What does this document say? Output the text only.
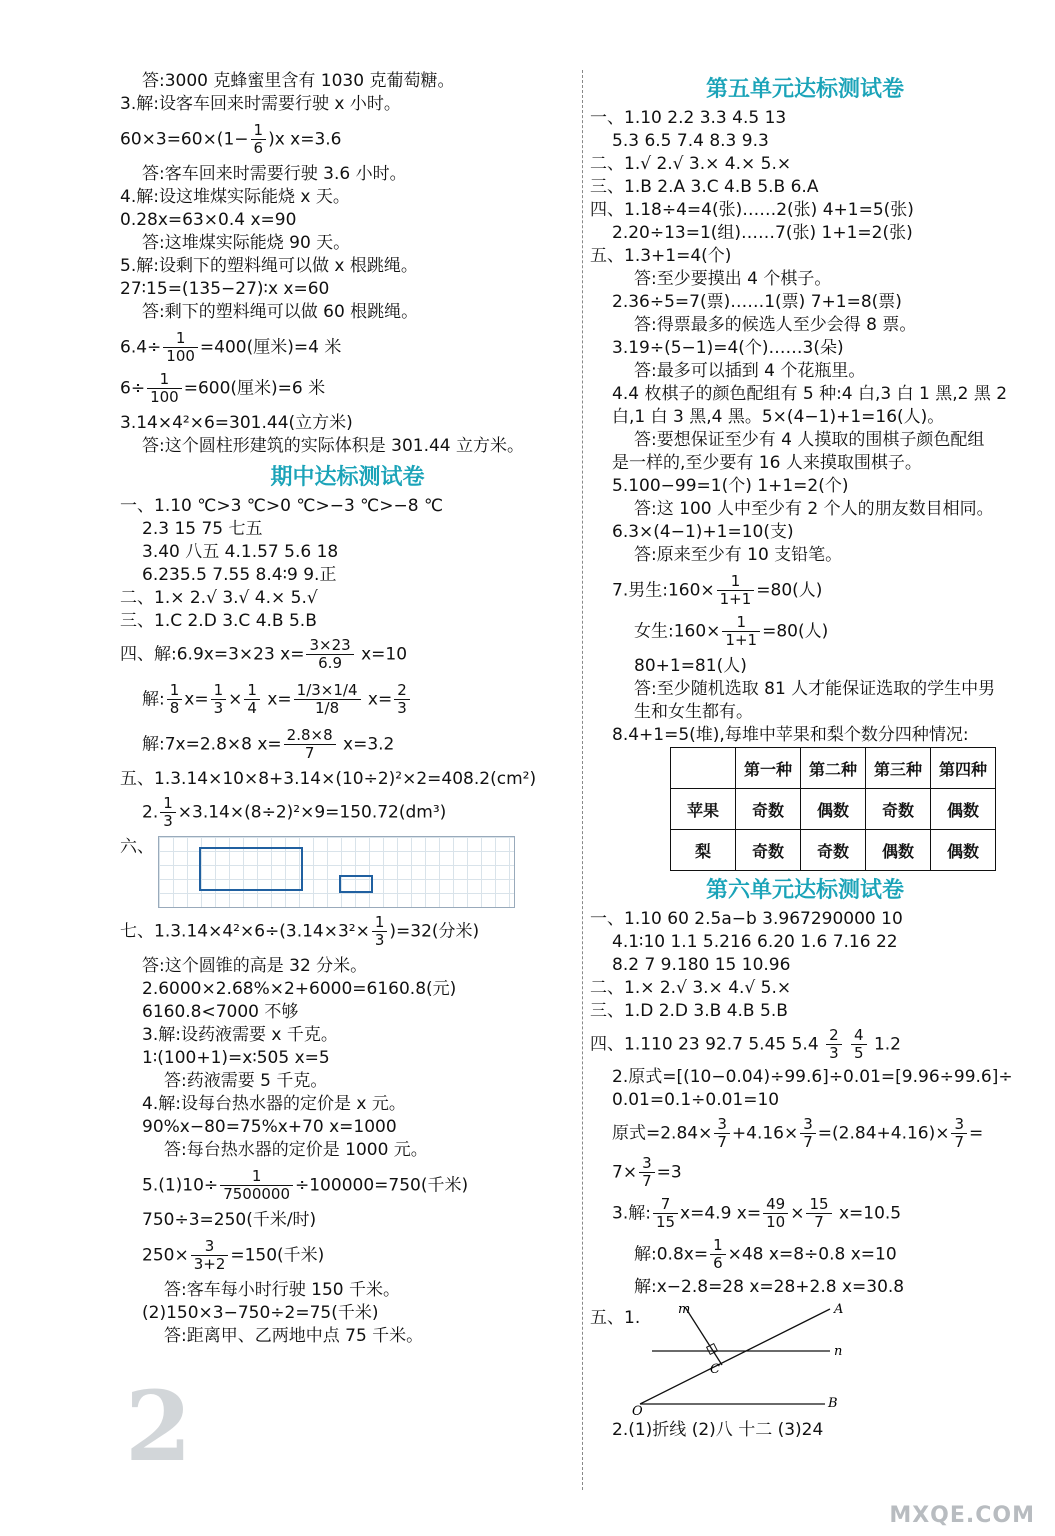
答:3000 克蜂蜜里含有 1030 克葡萄糖。
3.解:设客车回来时需要行驶 x 小时。
$60\times 3=60\times(1- \frac{1}{6} )x$ x=3.6
答:客车回来时需要行驶 3.6 小时。
4.解:设这堆煤实际能烧 x 天。
0.28x=63×0.4 x=90
答:这堆煤实际能烧 90 天。
5.解:设剩下的塑料绳可以做 x 根跳绳。
27∶15=(135−27)∶x x=60
答:剩下的塑料绳可以做 60 根跳绳。
$6.4\div \frac{1}{100} =400$(厘米)=4 米
$6\div \frac{1}{100} =600$(厘米)=6 米
3.14×4²×6=301.44(立方米)
答:这个圆柱形建筑的实际体积是 301.44 立方米。
期中达标测试卷
一、1.10 ℃>3 ℃>0 ℃>−3 ℃>−8 ℃
2.3 15 75 七五
3.40 八五 4.1.57 5.6 18
6.235.5 7.55 8.4∶9 9.正
二、1.× 2.√ 3.√ 4.× 5.√
三、1.C 2.D 3.C 4.B 5.B
四、解:6.9x=3×23 $x= \frac{3\times 23}{6.9} x=10$
解: $\frac{1}{8} x= \frac{1}{3} \times \frac{1}{4} x= \frac{1/3\times 1/4}{1/8} x= \frac{2}{3}$
解:7x=2.8×8 $x= \frac{2.8\times 8}{7} x=3.2$
五、1.3.14×10×8+3.14×(10÷2)²×2=408.2(cm²)
2. $\frac{1}{3} \times 3.14\times(8\div 2)^2\times 9=150.72(dm^3)$
六、
七、$1.3.14\times 4^2\times 6\div(3.14\times 3^2\times \frac{1}{3} )=32$(分米)
答:这个圆锥的高是 32 分米。
2.6000×2.68%×2+6000=6160.8(元)
6160.8<7000 不够
3.解:设药液需要 x 千克。
1∶(100+1)=x∶505 x=5
答:药液需要 5 千克。
4.解:设每台热水器的定价是 x 元。
90%x−80=75%x+70 x=1000
答:每台热水器的定价是 1000 元。
$5.(1)10\div \frac{1}{7500000} \div 100000=750$(千米)
750÷3=250(千米/时)
$250\times \frac{3}{3+2} =150$(千米)
答:客车每小时行驶 150 千米。
(2)150×3−750÷2=75(千米)
答:距离甲、乙两地中点 75 千米。
第五单元达标测试卷
一、1.10 2.2 3.3 4.5 13
5.3 6.5 7.4 8.3 9.3
二、1.√ 2.√ 3.× 4.× 5.×
三、1.B 2.A 3.C 4.B 5.B 6.A
四、1.18÷4=4(张)……2(张) 4+1=5(张)
2.20÷13=1(组)……7(张) 1+1=2(张)
五、1.3+1=4(个)
答:至少要摸出 4 个棋子。
2.36÷5=7(票)……1(票) 7+1=8(票)
答:得票最多的候选人至少会得 8 票。
3.19÷(5−1)=4(个)……3(朵)
答:最多可以插到 4 个花瓶里。
4.4 枚棋子的颜色配组有 5 种:4 白,3 白 1 黑,2 黑 2
白,1 白 3 黑,4 黑。5×(4−1)+1=16(人)。
答:要想保证至少有 4 人摸取的围棋子颜色配组
是一样的,至少要有 16 人来摸取围棋子。
5.100−99=1(个) 1+1=2(个)
答:这 100 人中至少有 2 个人的朋友数目相同。
6.3×(4−1)+1=10(支)
答:原来至少有 10 支铅笔。
7.男生:160× $\frac{1}{1+1} =80$(人)
女生:160× $\frac{1}{1+1} =80$(人)
80+1=81(人)
答:至少随机选取 81 人才能保证选取的学生中男
生和女生都有。
8.4+1=5(堆),每堆中苹果和梨个数分四种情况:
	第一种	第二种	第三种	第四种
苹果	奇数	偶数	奇数	偶数
梨	奇数	奇数	偶数	偶数
第六单元达标测试卷
一、1.10 60 2.5a−b 3.967290000 10
4.1∶10 1.1 5.216 6.20 1.6 7.16 22
8.2 7 9.180 15 10.96
二、1.× 2.√ 3.× 4.√ 5.×
三、1.D 2.D 3.B 4.B 5.B
四、1.110 23 92.7 5.45 $5.4 \frac{2}{3}$
$\frac{4}{5} 1.2$
2.原式=[(10−0.04)÷99.6]÷0.01=[9.96÷99.6]÷
0.01=0.1÷0.01=10
原式$=2.84\times \frac{3}{7} +4.16\times \frac{3}{7} =(2.84+4.16)\times \frac{3}{7}$ =
$7\times \frac{3}{7} =3$
3.解: $\frac{7}{15} x=4.9$ $x= \frac{49}{10} \times \frac{15}{7} x=10.5$
解:0.8x= $\frac{1}{6} \times 48$ x=8÷0.8 x=10
解:x−2.8=28 x=28+2.8 x=30.8
五、1.	m	A
n
C
O
B
2.(1)折线 (2)八 十二 (3)24
2
MXQE.COM
